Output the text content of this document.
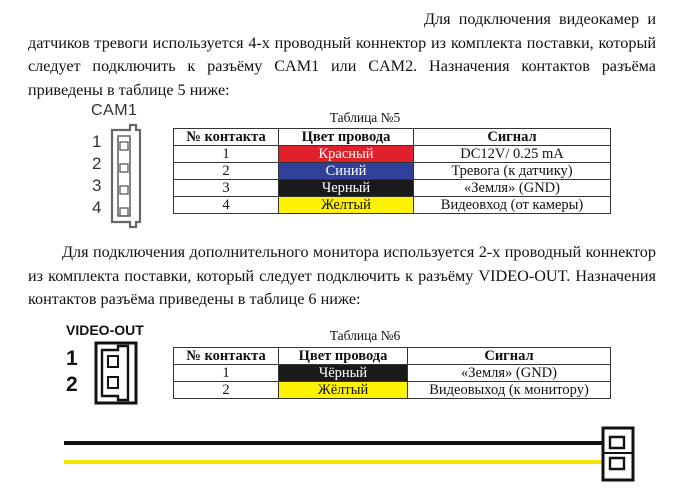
Для подключения видеокамер и датчиков тревоги используется 4-х проводный коннектор из комплекта поставки, который следует подключить к разъёму CAM1 или CAM2. Назначения контактов разъёма приведены в таблице 5 ниже:

CAM1
1
2
3
4
Таблица №5
№ контакта	Цвет провода	Сигнал
1	Красный	DC12V/ 0.25 mA
2	Синий	Тревога (к датчику)
3	Черный	«Земля» (GND)
4	Желтый	Видеовход (от камеры)

Для подключения дополнительного монитора используется 2-х проводный коннектор из комплекта поставки, который следует подключить к разъёму VIDEO-OUT. Назначения контактов разъёма приведены в таблице 6 ниже:

VIDEO-OUT
1
2
Таблица №6
№ контакта	Цвет провода	Сигнал
1	Чёрный	«Земля» (GND)
2	Жёлтый	Видеовыход (к монитору)
